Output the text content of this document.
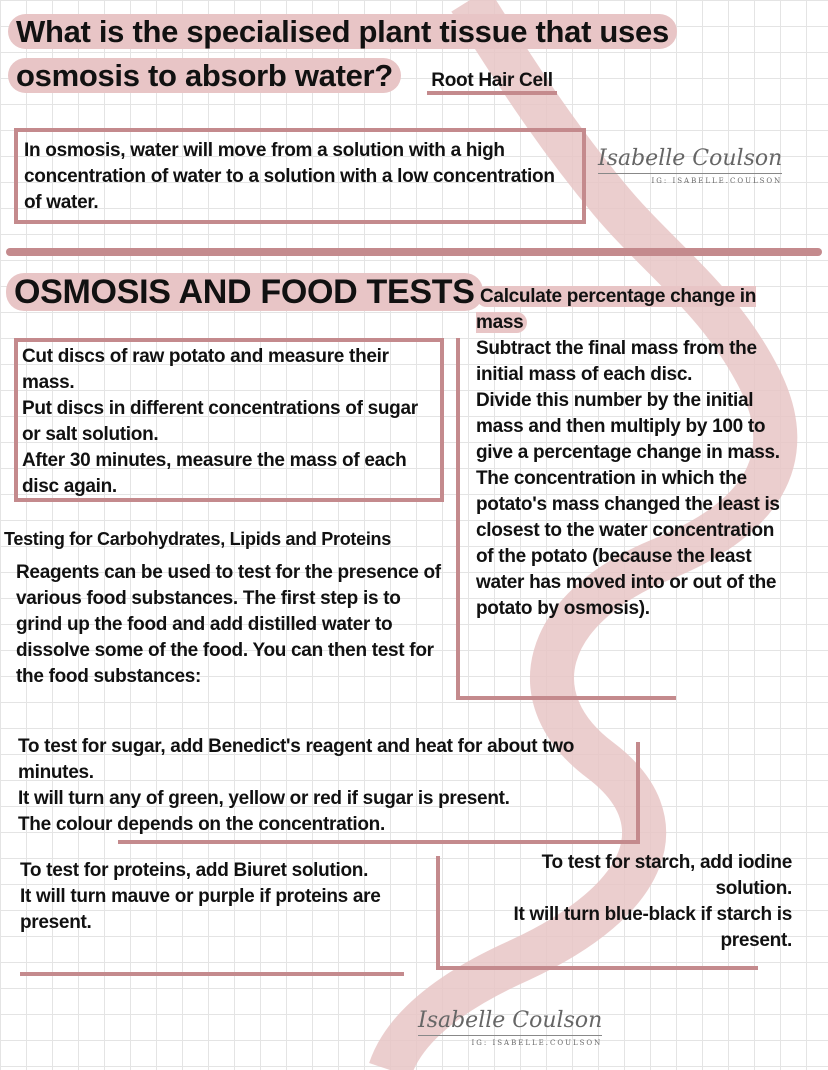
What is the specialised plant tissue that uses
osmosis to absorb water? Root Hair Cell

In osmosis, water will move from a solution with a high concentration of water to a solution with a low concentration of water.

Isabelle Coulson
IG: ISABELLE.COULSON
OSMOSIS AND FOOD TESTS

Cut discs of raw potato and measure their mass.

Put discs in different concentrations of sugar or salt solution.

After 30 minutes, measure the mass of each disc again.

Calculate percentage change in mass

Subtract the final mass from the initial mass of each disc.

Divide this number by the initial mass and then multiply by 100 to give a percentage change in mass.

The concentration in which the potato's mass changed the least is closest to the water concentration of the potato (because the least water has moved into or out of the potato by osmosis).

Testing for Carbohydrates, Lipids and Proteins

Reagents can be used to test for the presence of various food substances. The first step is to grind up the food and add distilled water to dissolve some of the food. You can then test for the food substances:

To test for sugar, add Benedict's reagent and heat for about two minutes.

It will turn any of green, yellow or red if sugar is present.

The colour depends on the concentration.

To test for proteins, add Biuret solution.

It will turn mauve or purple if proteins are present.

To test for starch, add iodine solution.

It will turn blue-black if starch is present.

Isabelle Coulson
IG: ISABELLE.COULSON
